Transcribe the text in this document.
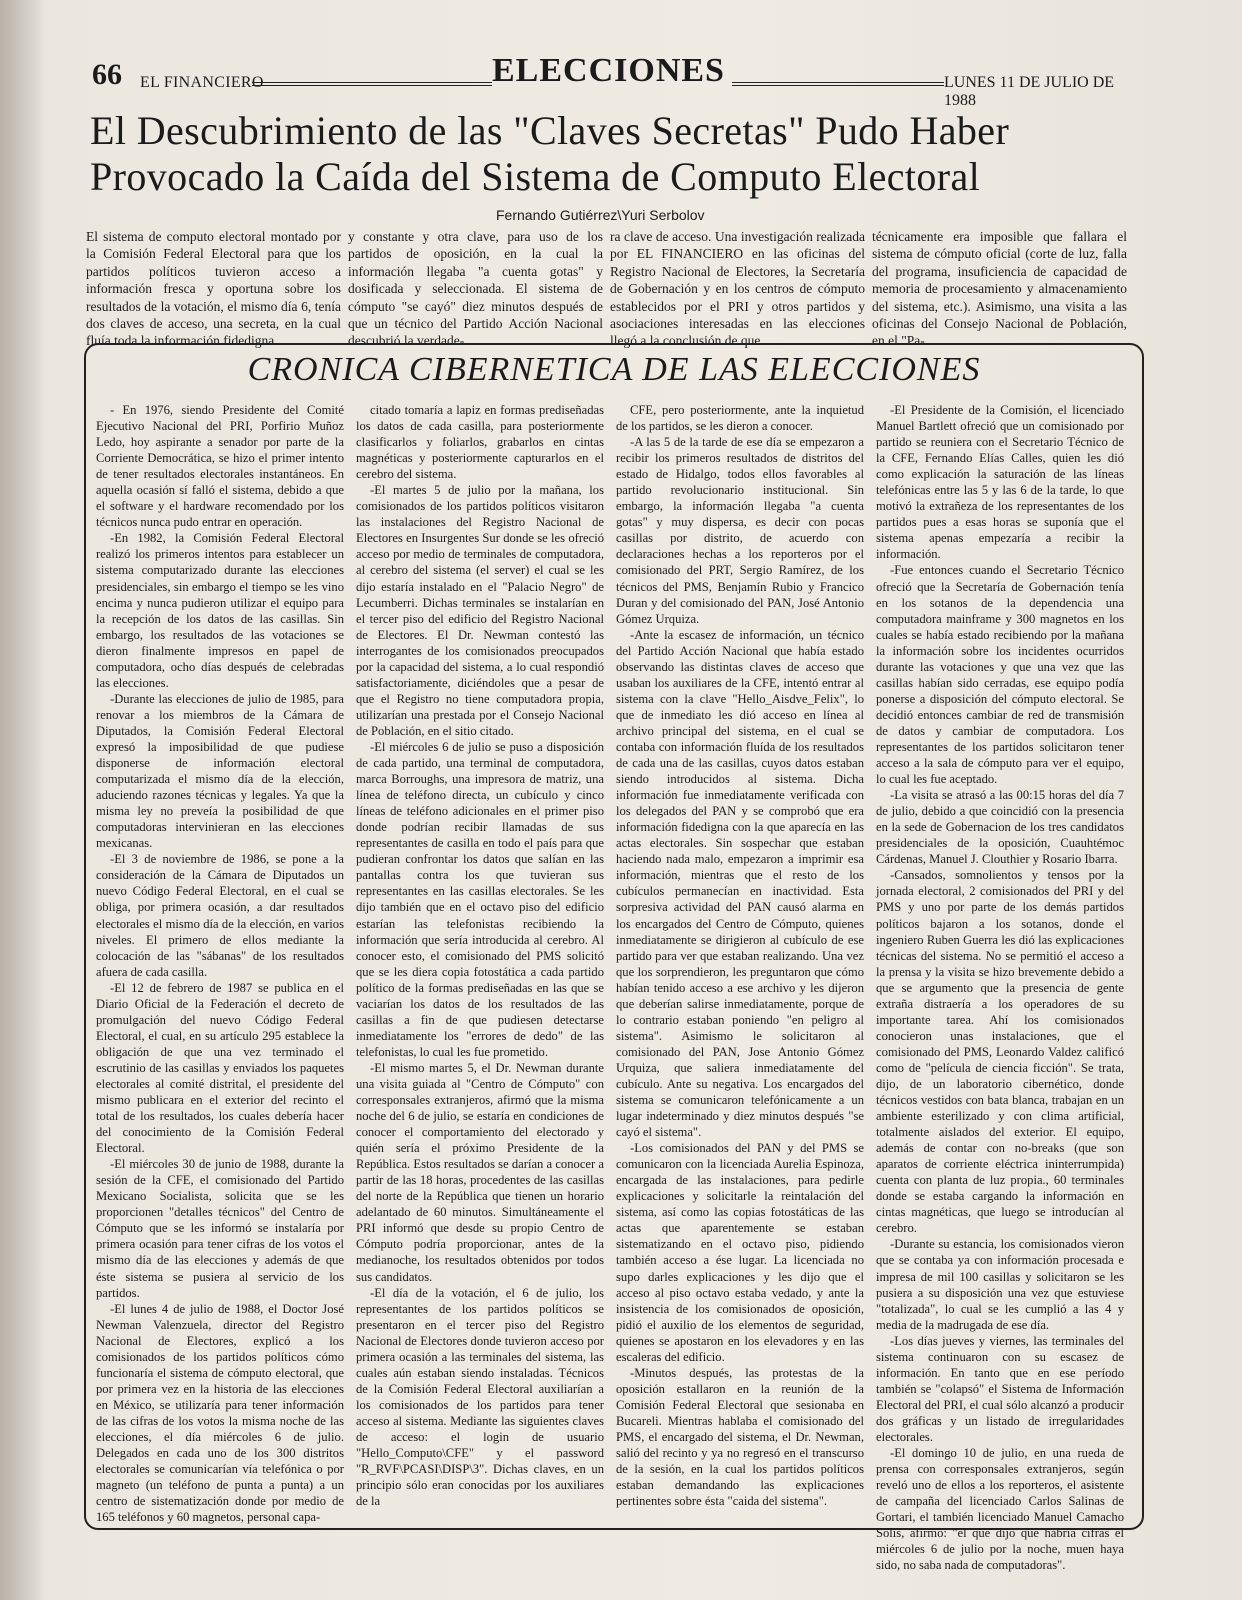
66 EL FINANCIERO	ELECCIONES	LUNES 11 DE JULIO DE 1988
El Descubrimiento de las "Claves Secretas" Pudo Haber Provocado la Caída del Sistema de Computo Electoral
Fernando Gutiérrez\Yuri Serbolov

El sistema de computo electoral montado por la Comisión Federal Electoral para que los partidos políticos tuvieron acceso a información fresca y oportuna sobre los resultados de la votación, el mismo día 6, tenía dos claves de acceso, una secreta, en la cual fluía toda la información fidedigna

y constante y otra clave, para uso de los partidos de oposición, en la cual la información llegaba "a cuenta gotas" y dosificada y seleccionada. El sistema de cómputo "se cayó" diez minutos después de que un técnico del Partido Acción Nacional descubrió la verdade-

ra clave de acceso. Una investigación realizada por EL FINANCIERO en las oficinas del Registro Nacional de Electores, la Secretaría de Gobernación y en los centros de cómputo establecidos por el PRI y otros partidos y asociaciones interesadas en las elecciones llegó a la conclusión de que

técnicamente era imposible que fallara el sistema de cómputo oficial (corte de luz, falla del programa, insuficiencia de capacidad de memoria de procesamiento y almacenamiento del sistema, etc.). Asimismo, una visita a las oficinas del Consejo Nacional de Población, en el "Pa-

CRONICA CIBERNETICA DE LAS ELECCIONES

- En 1976, siendo Presidente del Comité Ejecutivo Nacional del PRI, Porfirio Muñoz Ledo, hoy aspirante a senador por parte de la Corriente Democrática, se hizo el primer intento de tener resultados electorales instantáneos. En aquella ocasión sí falló el sistema, debido a que el software y el hardware recomendado por los técnicos nunca pudo entrar en operación.

-En 1982, la Comisión Federal Electoral realizó los primeros intentos para establecer un sistema computarizado durante las elecciones presidenciales, sin embargo el tiempo se les vino encima y nunca pudieron utilizar el equipo para la recepción de los datos de las casillas. Sin embargo, los resultados de las votaciones se dieron finalmente impresos en papel de computadora, ocho días después de celebradas las elecciones.

-Durante las elecciones de julio de 1985, para renovar a los miembros de la Cámara de Diputados, la Comisión Federal Electoral expresó la imposibilidad de que pudiese disponerse de información electoral computarizada el mismo día de la elección, aduciendo razones técnicas y legales. Ya que la misma ley no preveía la posibilidad de que computadoras intervinieran en las elecciones mexicanas.

-El 3 de noviembre de 1986, se pone a la consideración de la Cámara de Diputados un nuevo Código Federal Electoral, en el cual se obliga, por primera ocasión, a dar resultados electorales el mismo día de la elección, en varios niveles. El primero de ellos mediante la colocación de las "sábanas" de los resultados afuera de cada casilla.

-El 12 de febrero de 1987 se publica en el Diario Oficial de la Federación el decreto de promulgación del nuevo Código Federal Electoral, el cual, en su artículo 295 establece la obligación de que una vez terminado el escrutinio de las casillas y enviados los paquetes electorales al comité distrital, el presidente del mismo publicara en el exterior del recinto el total de los resultados, los cuales debería hacer del conocimiento de la Comisión Federal Electoral.

-El miércoles 30 de junio de 1988, durante la sesión de la CFE, el comisionado del Partido Mexicano Socialista, solicita que se les proporcionen "detalles técnicos" del Centro de Cómputo que se les informó se instalaría por primera ocasión para tener cifras de los votos el mismo día de las elecciones y además de que éste sistema se pusiera al servicio de los partidos.

-El lunes 4 de julio de 1988, el Doctor José Newman Valenzuela, director del Registro Nacional de Electores, explicó a los comisionados de los partidos políticos cómo funcionaría el sistema de cómputo electoral, que por primera vez en la historia de las elecciones en México, se utilizaría para tener información de las cifras de los votos la misma noche de las elecciones, el día miércoles 6 de julio. Delegados en cada uno de los 300 distritos electorales se comunicarían vía telefónica o por magneto (un teléfono de punta a punta) a un centro de sistematización donde por medio de 165 teléfonos y 60 magnetos, personal capa-

citado tomaría a lapiz en formas prediseñadas los datos de cada casilla, para posteriormente clasificarlos y foliarlos, grabarlos en cintas magnéticas y posteriormente capturarlos en el cerebro del sistema.

-El martes 5 de julio por la mañana, los comisionados de los partidos políticos visitaron las instalaciones del Registro Nacional de Electores en Insurgentes Sur donde se les ofreció acceso por medio de terminales de computadora, al cerebro del sistema (el server) el cual se les dijo estaría instalado en el "Palacio Negro" de Lecumberri. Dichas terminales se instalarían en el tercer piso del edificio del Registro Nacional de Electores. El Dr. Newman contestó las interrogantes de los comisionados preocupados por la capacidad del sistema, a lo cual respondió satisfactoriamente, diciéndoles que a pesar de que el Registro no tiene computadora propia, utilizarían una prestada por el Consejo Nacional de Población, en el sitio citado.

-El miércoles 6 de julio se puso a disposición de cada partido, una terminal de computadora, marca Borroughs, una impresora de matriz, una línea de teléfono directa, un cubículo y cinco líneas de teléfono adicionales en el primer piso donde podrían recibir llamadas de sus representantes de casilla en todo el país para que pudieran confrontar los datos que salían en las pantallas contra los que tuvieran sus representantes en las casillas electorales. Se les dijo también que en el octavo piso del edificio estarían las telefonistas recibiendo la información que sería introducida al cerebro. Al conocer esto, el comisionado del PMS solicitó que se les diera copia fotostática a cada partido político de la formas prediseñadas en las que se vaciarían los datos de los resultados de las casillas a fin de que pudiesen detectarse inmediatamente los "errores de dedo" de las telefonistas, lo cual les fue prometido.

-El mismo martes 5, el Dr. Newman durante una visita guiada al "Centro de Cómputo" con corresponsales extranjeros, afirmó que la misma noche del 6 de julio, se estaría en condiciones de conocer el comportamiento del electorado y quién sería el próximo Presidente de la República. Estos resultados se darían a conocer a partir de las 18 horas, procedentes de las casillas del norte de la República que tienen un horario adelantado de 60 minutos. Simultáneamente el PRI informó que desde su propio Centro de Cómputo podría proporcionar, antes de la medianoche, los resultados obtenidos por todos sus candidatos.

-El día de la votación, el 6 de julio, los representantes de los partidos políticos se presentaron en el tercer piso del Registro Nacional de Electores donde tuvieron acceso por primera ocasión a las terminales del sistema, las cuales aún estaban siendo instaladas. Técnicos de la Comisión Federal Electoral auxiliarían a los comisionados de los partidos para tener acceso al sistema. Mediante las siguientes claves de acceso: el login de usuario "Hello_Computo\CFE" y el password "R_RVF\PCASI\DISP\3". Dichas claves, en un principio sólo eran conocidas por los auxiliares de la

CFE, pero posteriormente, ante la inquietud de los partidos, se les dieron a conocer.

-A las 5 de la tarde de ese día se empezaron a recibir los primeros resultados de distritos del estado de Hidalgo, todos ellos favorables al partido revolucionario institucional. Sin embargo, la información llegaba "a cuenta gotas" y muy dispersa, es decir con pocas casillas por distrito, de acuerdo con declaraciones hechas a los reporteros por el comisionado del PRT, Sergio Ramírez, de los técnicos del PMS, Benjamín Rubio y Francico Duran y del comisionado del PAN, José Antonio Gómez Urquiza.

-Ante la escasez de información, un técnico del Partido Acción Nacional que había estado observando las distintas claves de acceso que usaban los auxiliares de la CFE, intentó entrar al sistema con la clave "Hello_Aisdve_Felix", lo que de inmediato les dió acceso en línea al archivo principal del sistema, en el cual se contaba con información fluída de los resultados de cada una de las casillas, cuyos datos estaban siendo introducidos al sistema. Dicha información fue inmediatamente verificada con los delegados del PAN y se comprobó que era información fidedigna con la que aparecía en las actas electorales. Sin sospechar que estaban haciendo nada malo, empezaron a imprimir esa información, mientras que el resto de los cubículos permanecían en inactividad. Esta sorpresiva actividad del PAN causó alarma en los encargados del Centro de Cómputo, quienes inmediatamente se dirigieron al cubículo de ese partido para ver que estaban realizando. Una vez que los sorprendieron, les preguntaron que cómo habían tenido acceso a ese archivo y les dijeron que deberían salirse inmediatamente, porque de lo contrario estaban poniendo "en peligro al sistema". Asimismo le solicitaron al comisionado del PAN, Jose Antonio Gómez Urquiza, que saliera inmediatamente del cubículo. Ante su negativa. Los encargados del sistema se comunicaron telefónicamente a un lugar indeterminado y diez minutos después "se cayó el sistema".

-Los comisionados del PAN y del PMS se comunicaron con la licenciada Aurelia Espinoza, encargada de las instalaciones, para pedirle explicaciones y solicitarle la reintalación del sistema, así como las copias fotostáticas de las actas que aparentemente se estaban sistematizando en el octavo piso, pidiendo también acceso a ése lugar. La licenciada no supo darles explicaciones y les dijo que el acceso al piso octavo estaba vedado, y ante la insistencia de los comisionados de oposición, pidió el auxilio de los elementos de seguridad, quienes se apostaron en los elevadores y en las escaleras del edificio.

-Minutos después, las protestas de la oposición estallaron en la reunión de la Comisión Federal Electoral que sesionaba en Bucareli. Mientras hablaba el comisionado del PMS, el encargado del sistema, el Dr. Newman, salió del recinto y ya no regresó en el transcurso de la sesión, en la cual los partidos políticos estaban demandando las explicaciones pertinentes sobre ésta "caida del sistema".

-El Presidente de la Comisión, el licenciado Manuel Bartlett ofreció que un comisionado por partido se reuniera con el Secretario Técnico de la CFE, Fernando Elías Calles, quien les dió como explicación la saturación de las líneas telefónicas entre las 5 y las 6 de la tarde, lo que motivó la extrañeza de los representantes de los partidos pues a esas horas se suponía que el sistema apenas empezaría a recibir la información.

-Fue entonces cuando el Secretario Técnico ofreció que la Secretaría de Gobernación tenía en los sotanos de la dependencia una computadora mainframe y 300 magnetos en los cuales se había estado recibiendo por la mañana la información sobre los incidentes ocurridos durante las votaciones y que una vez que las casillas habían sido cerradas, ese equipo podía ponerse a disposición del cómputo electoral. Se decidió entonces cambiar de red de transmisión de datos y cambiar de computadora. Los representantes de los partidos solicitaron tener acceso a la sala de cómputo para ver el equipo, lo cual les fue aceptado.

-La visita se atrasó a las 00:15 horas del día 7 de julio, debido a que coincidió con la presencia en la sede de Gobernacion de los tres candidatos presidenciales de la oposición, Cuauhtémoc Cárdenas, Manuel J. Clouthier y Rosario Ibarra.

-Cansados, somnolientos y tensos por la jornada electoral, 2 comisionados del PRI y del PMS y uno por parte de los demás partidos políticos bajaron a los sotanos, donde el ingeniero Ruben Guerra les dió las explicaciones técnicas del sistema. No se permitió el acceso a la prensa y la visita se hizo brevemente debido a que se argumento que la presencia de gente extraña distraería a los operadores de su importante tarea. Ahí los comisionados conocieron unas instalaciones, que el comisionado del PMS, Leonardo Valdez calificó como de "película de ciencia ficción". Se trata, dijo, de un laboratorio cibernético, donde técnicos vestidos con bata blanca, trabajan en un ambiente esterilizado y con clima artificial, totalmente aislados del exterior. El equipo, además de contar con no-breaks (que son aparatos de corriente eléctrica ininterrumpida) cuenta con planta de luz propia., 60 terminales donde se estaba cargando la información en cintas magnéticas, que luego se introducían al cerebro.

-Durante su estancia, los comisionados vieron que se contaba ya con información procesada e impresa de mil 100 casillas y solicitaron se les pusiera a su disposición una vez que estuviese "totalizada", lo cual se les cumplió a las 4 y media de la madrugada de ese día.

-Los días jueves y viernes, las terminales del sistema continuaron con su escasez de información. En tanto que en ese período también se "colapsó" el Sistema de Información Electoral del PRI, el cual sólo alcanzó a producir dos gráficas y un listado de irregularidades electorales.

-El domingo 10 de julio, en una rueda de prensa con corresponsales extranjeros, según reveló uno de ellos a los reporteros, el asistente de campaña del licenciado Carlos Salinas de Gortari, el también licenciado Manuel Camacho Solis, afirmó: "el que dijo que habría cifras el miércoles 6 de julio por la noche, muen haya sido, no saba nada de computadoras".
